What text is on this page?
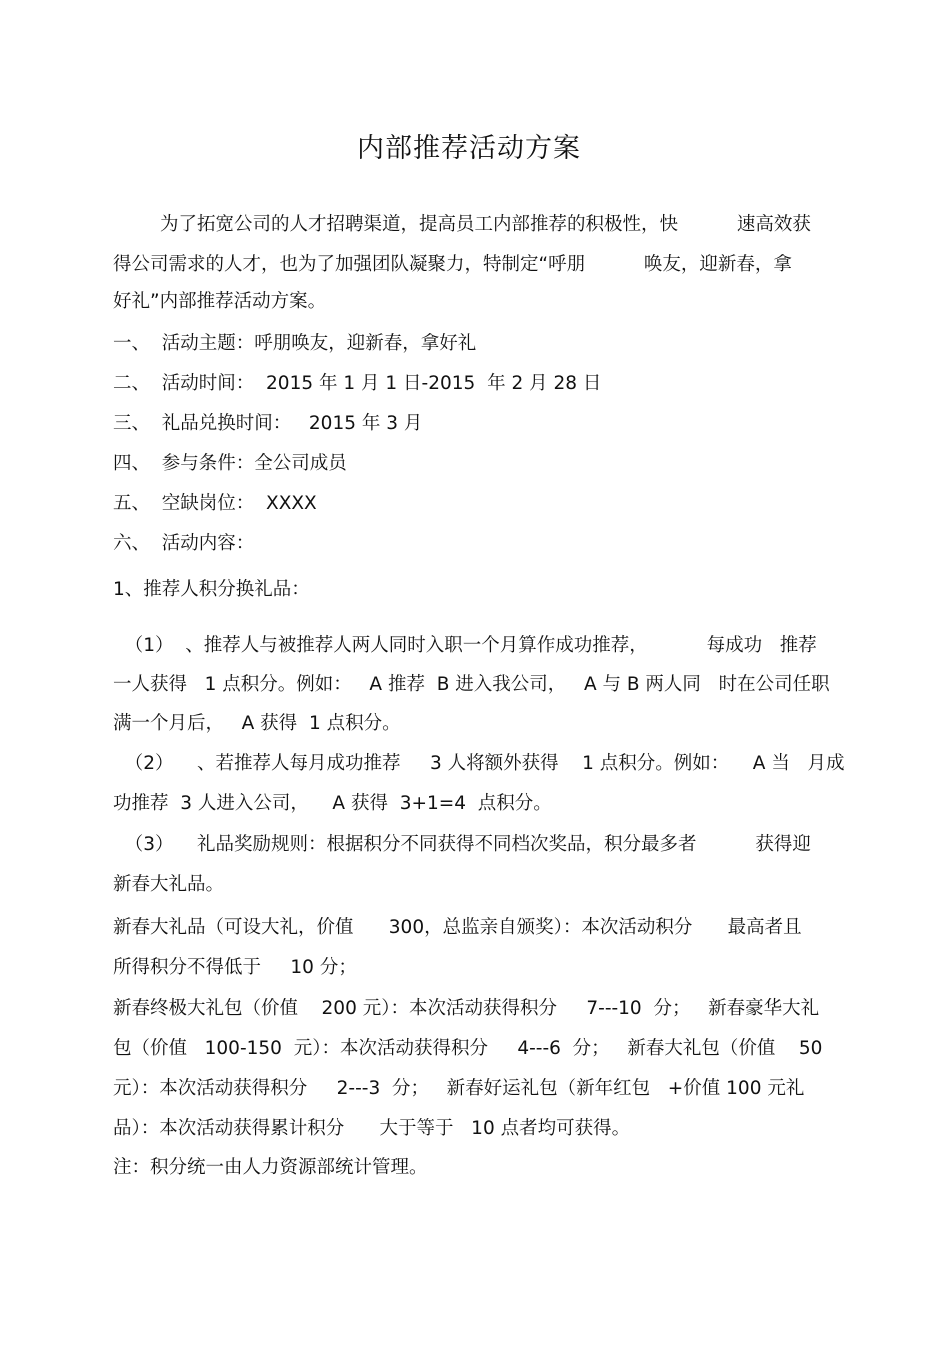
内部推荐活动方案
为了拓宽公司的人才招聘渠道，提高员工内部推荐的积极性，快          速高效获
得公司需求的人才，也为了加强团队凝聚力，特制定“呼朋          唤友，迎新春，拿
好礼”内部推荐活动方案。
一、  活动主题：呼朋唤友，迎新春，拿好礼
二、  活动时间：  2015 年 1 月 1 日-2015  年 2 月 28 日
三、  礼品兑换时间：   2015 年 3 月
四、  参与条件：全公司成员
五、  空缺岗位：  XXXX
六、  活动内容：
1、推荐人积分换礼品：
（1）  、推荐人与被推荐人两人同时入职一个月算作成功推荐，          每成功   推荐
一人获得   1 点积分。例如：   A 推荐  B 进入我公司，   A 与 B 两人同   时在公司任职
满一个月后，   A 获得  1 点积分。
（2）    、若推荐人每月成功推荐     3 人将额外获得    1 点积分。例如：    A 当   月成
功推荐  3 人进入公司，    A 获得  3+1=4  点积分。
（3）    礼品奖励规则：根据积分不同获得不同档次奖品，积分最多者          获得迎
新春大礼品。
新春大礼品（可设大礼，价值      300，总监亲自颁奖）：本次活动积分      最高者且
所得积分不得低于     10 分；
新春终极大礼包（价值    200 元）：本次活动获得积分     7---10  分；   新春豪华大礼
包（价值   100-150  元）：本次活动获得积分     4---6  分；   新春大礼包（价值    50
元）：本次活动获得积分     2---3  分；   新春好运礼包（新年红包   +价值 100 元礼
品）：本次活动获得累计积分      大于等于   10 点者均可获得。
注：积分统一由人力资源部统计管理。
